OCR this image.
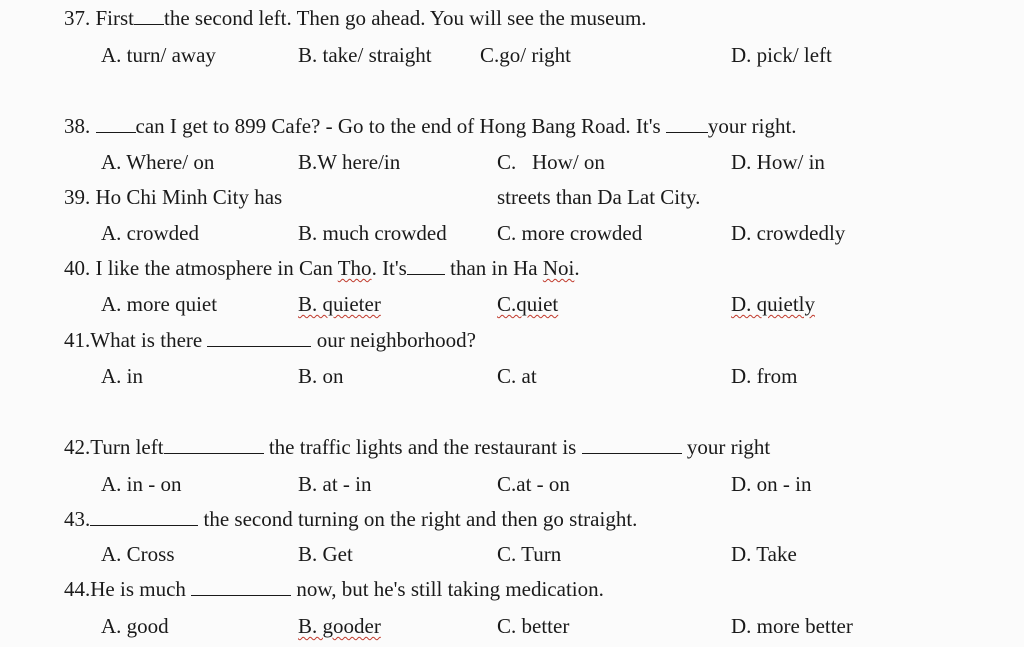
37. First the second left. Then go ahead. You will see the museum.
A. turn/ away	B. take/ straight C.go/ right	D. pick/ left
38. can I get to 899 Cafe? - Go to the end of Hong Bang Road. It's your right.
A. Where/ on	B.W here/in	C.   How/ on	D. How/ in
39. Ho Chi Minh City has	streets than Da Lat City.
A. crowded	B. much crowded C. more crowded	D. crowdedly
40. I like the atmosphere in Can Tho. It's than in Ha Noi.
A. more quiet	B. quieter	C.quiet	D. quietly
41.What is there	our neighborhood?
A. in	B. on	C. at	D. from
42.Turn left	the traffic lights and the restaurant is	your right
A. in - on	B. at - in	C.at - on	D. on - in
43.	the second turning on the right and then go straight.
A. Cross	B. Get	C. Turn	D. Take
44.He is much	now, but he's still taking medication.
A. good	B. gooder	C. better	D. more better
